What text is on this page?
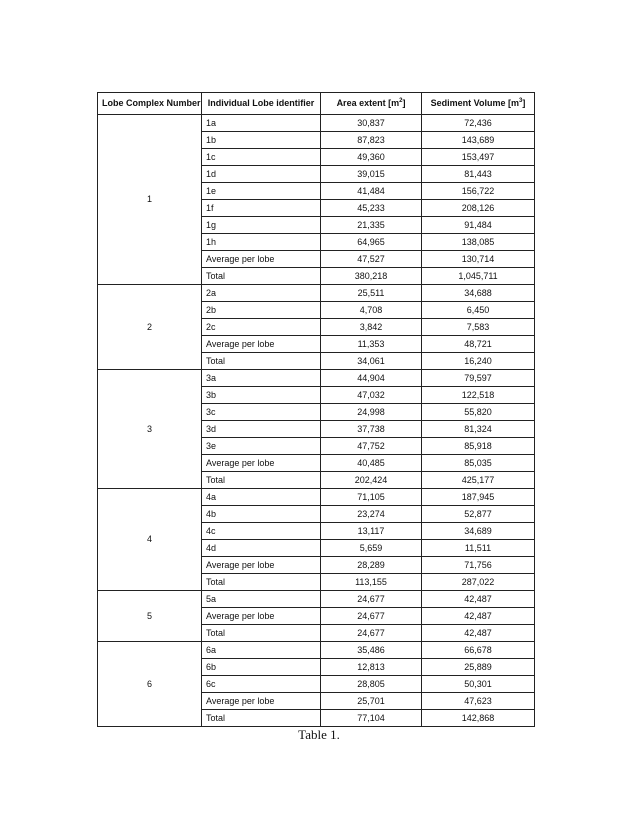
Lobe Complex Number	Individual Lobe identifier	Area extent $[m^2]$	Sediment Volume $[m^3]$
1	1a	30,837	72,436
	1b	87,823	143,689
	1c	49,360	153,497
	1d	39,015	81,443
	1e	41,484	156,722
	1f	45,233	208,126
	1g	21,335	91,484
	1h	64,965	138,085
	Average per lobe	47,527	130,714
	Total	380,218	1,045,711
2	2a	25,511	34,688
	2b	4,708	6,450
	2c	3,842	7,583
	Average per lobe	11,353	48,721
	Total	34,061	16,240
3	3a	44,904	79,597
	3b	47,032	122,518
	3c	24,998	55,820
	3d	37,738	81,324
	3e	47,752	85,918
	Average per lobe	40,485	85,035
	Total	202,424	425,177
4	4a	71,105	187,945
	4b	23,274	52,877
	4c	13,117	34,689
	4d	5,659	11,511
	Average per lobe	28,289	71,756
	Total	113,155	287,022
5	5a	24,677	42,487
	Average per lobe	24,677	42,487
	Total	24,677	42,487
6	6a	35,486	66,678
	6b	12,813	25,889
	6c	28,805	50,301
	Average per lobe	25,701	47,623
	Total	77,104	142,868
Table 1.
